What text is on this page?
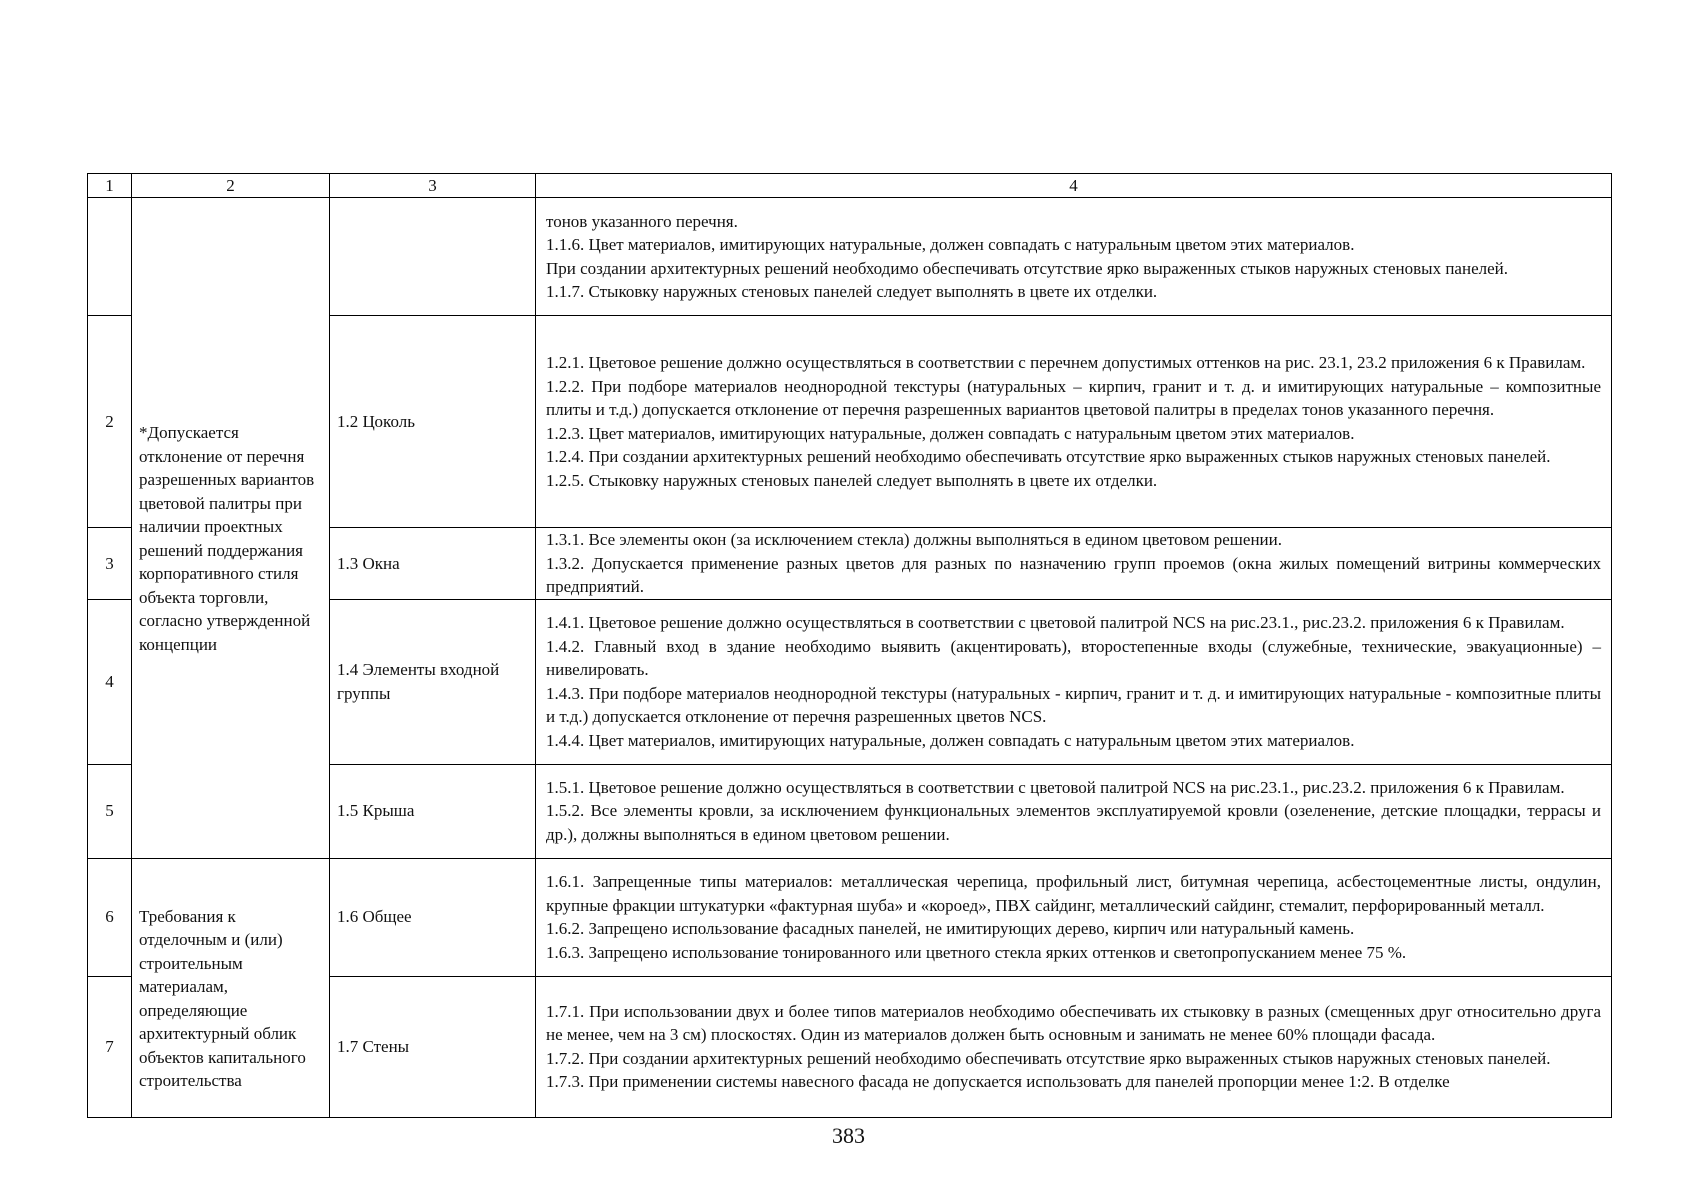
1	2	3	4
	*Допускается отклонение от перечня разрешенных вариантов цветовой палитры при наличии проектных решений поддержания корпоративного стиля объекта торговли, согласно утвержденной концепции		тонов указанного перечня.

1.1.6. Цвет материалов, имитирующих натуральные, должен совпадать с натуральным цветом этих материалов.

При создании архитектурных решений необходимо обеспечивать отсутствие ярко выраженных стыков наружных стеновых панелей.

1.1.7. Стыковку наружных стеновых панелей следует выполнять в цвете их отделки.

2		1.2 Цоколь	1.2.1. Цветовое решение должно осуществляться в соответствии с перечнем допустимых оттенков на рис. 23.1, 23.2 приложения 6 к Правилам.

1.2.2. При подборе материалов неоднородной текстуры (натуральных – кирпич, гранит и т. д. и имитирующих натуральные – композитные плиты и т.д.) допускается отклонение от перечня разрешенных вариантов цветовой палитры в пределах тонов указанного перечня.

1.2.3. Цвет материалов, имитирующих натуральные, должен совпадать с натуральным цветом этих материалов.

1.2.4. При создании архитектурных решений необходимо обеспечивать отсутствие ярко выраженных стыков наружных стеновых панелей.

1.2.5. Стыковку наружных стеновых панелей следует выполнять в цвете их отделки.

3		1.3 Окна	1.3.1. Все элементы окон (за исключением стекла) должны выполняться в едином цветовом решении.

1.3.2. Допускается применение разных цветов для разных по назначению групп проемов (окна жилых помещений витрины коммерческих предприятий.

4		1.4 Элементы входной группы	1.4.1. Цветовое решение должно осуществляться в соответствии с цветовой палитрой NCS на рис.23.1., рис.23.2. приложения 6 к Правилам.

1.4.2. Главный вход в здание необходимо выявить (акцентировать), второстепенные входы (служебные, технические, эвакуационные) – нивелировать.

1.4.3. При подборе материалов неоднородной текстуры (натуральных - кирпич, гранит и т. д. и имитирующих натуральные - композитные плиты и т.д.) допускается отклонение от перечня разрешенных цветов NCS.

1.4.4. Цвет материалов, имитирующих натуральные, должен совпадать с натуральным цветом этих материалов.

5		1.5 Крыша	1.5.1. Цветовое решение должно осуществляться в соответствии с цветовой палитрой NCS на рис.23.1., рис.23.2. приложения 6 к Правилам.

1.5.2. Все элементы кровли, за исключением функциональных элементов эксплуатируемой кровли (озеленение, детские площадки, террасы и др.), должны выполняться в едином цветовом решении.

6	Требования к отделочным и (или) строительным материалам, определяющие архитектурный облик объектов капитального строительства	1.6 Общее	1.6.1. Запрещенные типы материалов: металлическая черепица, профильный лист, битумная черепица, асбестоцементные листы, ондулин, крупные фракции штукатурки «фактурная шуба» и «короед», ПВХ сайдинг, металлический сайдинг, стемалит, перфорированный металл.

1.6.2. Запрещено использование фасадных панелей, не имитирующих дерево, кирпич или натуральный камень.

1.6.3. Запрещено использование тонированного или цветного стекла ярких оттенков и светопропусканием менее 75 %.

7		1.7 Стены	1.7.1. При использовании двух и более типов материалов необходимо обеспечивать их стыковку в разных (смещенных друг относительно друга не менее, чем на 3 см) плоскостях. Один из материалов должен быть основным и занимать не менее 60% площади фасада.

1.7.2. При создании архитектурных решений необходимо обеспечивать отсутствие ярко выраженных стыков наружных стеновых панелей.

1.7.3. При применении системы навесного фасада не допускается использовать для панелей пропорции менее 1:2. В отделке

383
